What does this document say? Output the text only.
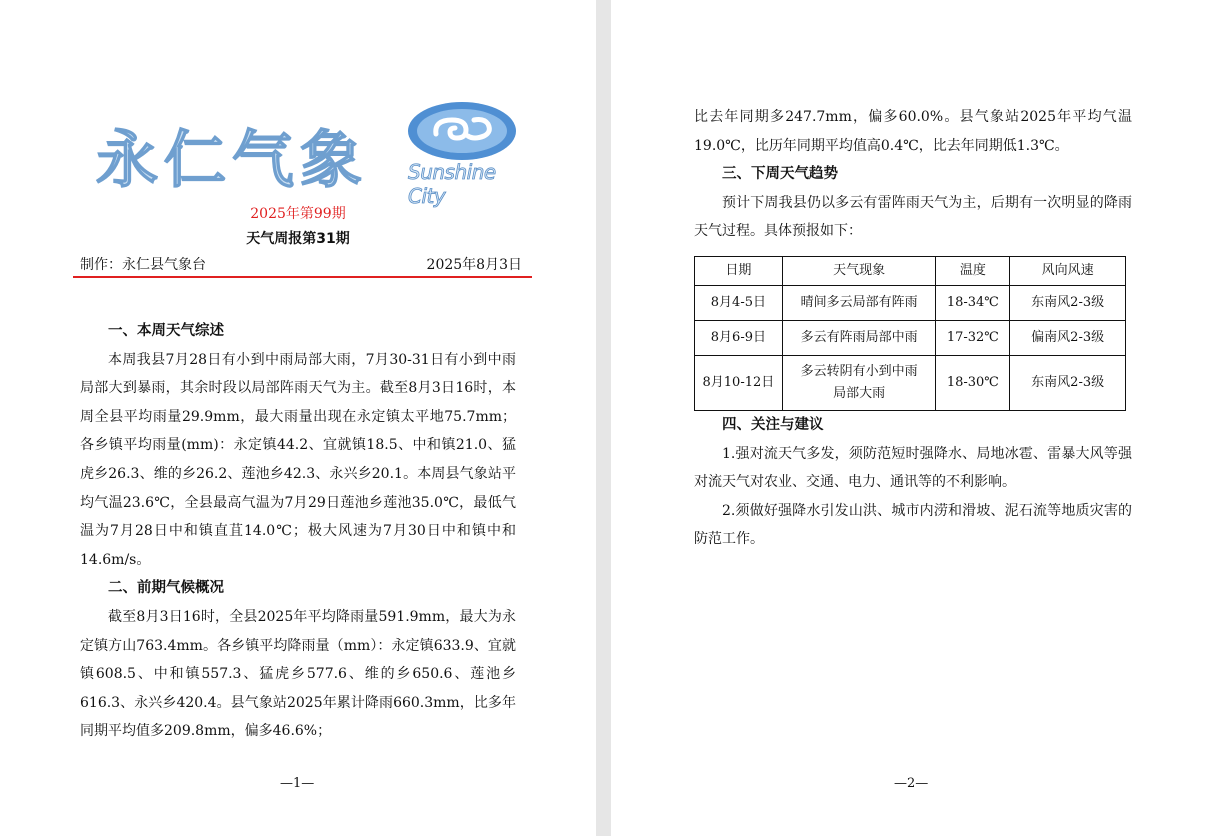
永仁气象 Sunshine City
2025年第99期
天气周报第31期
制作：永仁县气象台	2025年8月3日
一、本周天气综述

本周我县7月28日有小到中雨局部大雨，7月30-31日有小到中雨局部大到暴雨，其余时段以局部阵雨天气为主。截至8月3日16时，本周全县平均雨量29.9mm，最大雨量出现在永定镇太平地75.7mm；各乡镇平均雨量(mm)：永定镇44.2、宜就镇18.5、中和镇21.0、猛虎乡26.3、维的乡26.2、莲池乡42.3、永兴乡20.1。本周县气象站平均气温23.6℃，全县最高气温为7月29日莲池乡莲池35.0℃，最低气温为7月28日中和镇直苴14.0℃；极大风速为7月30日中和镇中和14.6m/s。

二、前期气候概况

截至8月3日16时，全县2025年平均降雨量591.9mm，最大为永定镇方山763.4mm。各乡镇平均降雨量（mm）：永定镇633.9、宜就镇608.5、中和镇557.3、猛虎乡577.6、维的乡650.6、莲池乡616.3、永兴乡420.4。县气象站2025年累计降雨660.3mm，比多年同期平均值多209.8mm，偏多46.6%；

—1—

比去年同期多247.7mm，偏多60.0%。县气象站2025年平均气温19.0℃，比历年同期平均值高0.4℃，比去年同期低1.3℃。

三、下周天气趋势

预计下周我县仍以多云有雷阵雨天气为主，后期有一次明显的降雨天气过程。具体预报如下：

日期	天气现象	温度	风向风速
8月4-5日	晴间多云局部有阵雨	18-34℃	东南风2-3级
8月6-9日	多云有阵雨局部中雨	17-32℃	偏南风2-3级
8月10-12日	多云转阴有小到中雨局部大雨	18-30℃	东南风2-3级
四、关注与建议

1.强对流天气多发，须防范短时强降水、局地冰雹、雷暴大风等强对流天气对农业、交通、电力、通讯等的不利影响。

2.须做好强降水引发山洪、城市内涝和滑坡、泥石流等地质灾害的防范工作。

—2—
